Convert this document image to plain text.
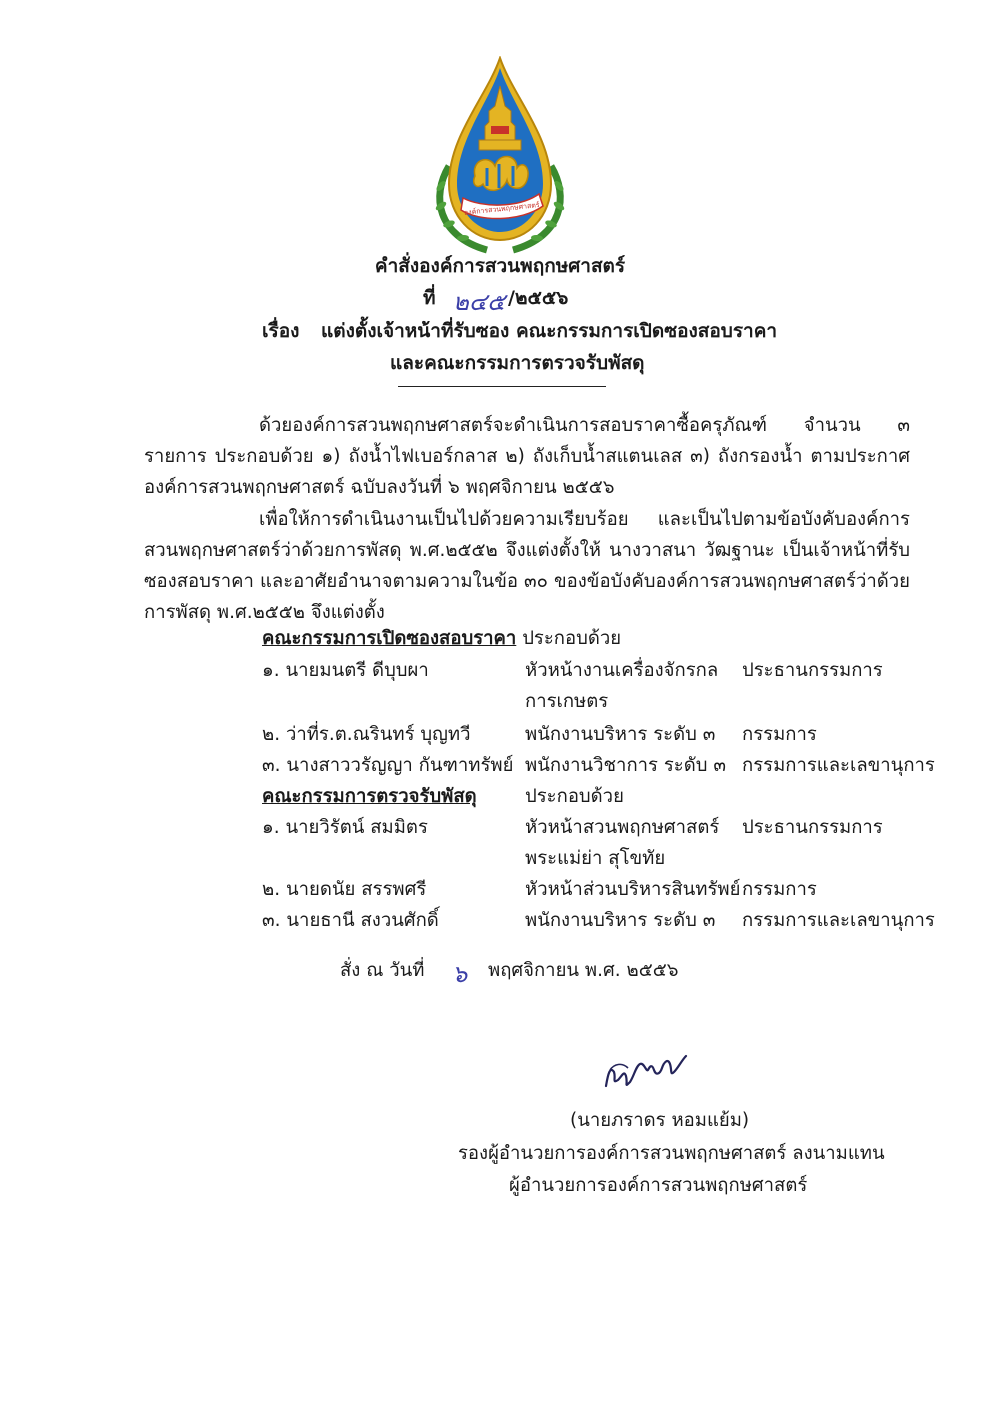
องค์การสวนพฤกษศาสตร์
คำสั่งองค์การสวนพฤกษศาสตร์
ที่ ๒๔๕ /๒๕๕๖
เรื่อง แต่งตั้งเจ้าหน้าที่รับซอง คณะกรรมการเปิดซองสอบราคา
และคณะกรรมการตรวจรับพัสดุ
ด้วยองค์การสวนพฤกษศาสตร์จะดำเนินการสอบราคาซื้อครุภัณฑ์ จำนวน ๓ รายการ ประกอบด้วย ๑) ถังน้ำไฟเบอร์กลาส ๒) ถังเก็บน้ำสแตนเลส ๓) ถังกรองน้ำ ตามประกาศองค์การสวนพฤกษศาสตร์ ฉบับลงวันที่ ๖ พฤศจิกายน ๒๕๕๖
เพื่อให้การดำเนินงานเป็นไปด้วยความเรียบร้อย และเป็นไปตามข้อบังคับองค์การสวนพฤกษศาสตร์ว่าด้วยการพัสดุ พ.ศ.๒๕๕๒ จึงแต่งตั้งให้ นางวาสนา วัฒฐานะ เป็นเจ้าหน้าที่รับซองสอบราคา และอาศัยอำนาจตามความในข้อ ๓๐ ของข้อบังคับองค์การสวนพฤกษศาสตร์ว่าด้วยการพัสดุ พ.ศ.๒๕๕๒ จึงแต่งตั้ง
คณะกรรมการเปิดซองสอบราคา ประกอบด้วย
๑. นายมนตรี ดีบุบผา	หัวหน้างานเครื่องจักรกล ประธานกรรมการ
การเกษตร
๒. ว่าที่ร.ต.ณรินทร์ บุญทวี	พนักงานบริหาร ระดับ ๓ กรรมการ
๓. นางสาววรัญญา กันฑาทรัพย์ พนักงานวิชาการ ระดับ ๓ กรรมการและเลขานุการ
คณะกรรมการตรวจรับพัสดุ	ประกอบด้วย
๑. นายวิรัตน์ สมมิตร	หัวหน้าสวนพฤกษศาสตร์ ประธานกรรมการ
พระแม่ย่า สุโขทัย
๒. นายดนัย สรรพศรี	หัวหน้าส่วนบริหารสินทรัพย์ กรรมการ
๓. นายธานี สงวนศักดิ์	พนักงานบริหาร ระดับ ๓ กรรมการและเลขานุการ
สั่ง ณ วันที่ ๖ พฤศจิกายน พ.ศ. ๒๕๕๖
(นายภราดร หอมแย้ม)
รองผู้อำนวยการองค์การสวนพฤกษศาสตร์ ลงนามแทน
ผู้อำนวยการองค์การสวนพฤกษศาสตร์
